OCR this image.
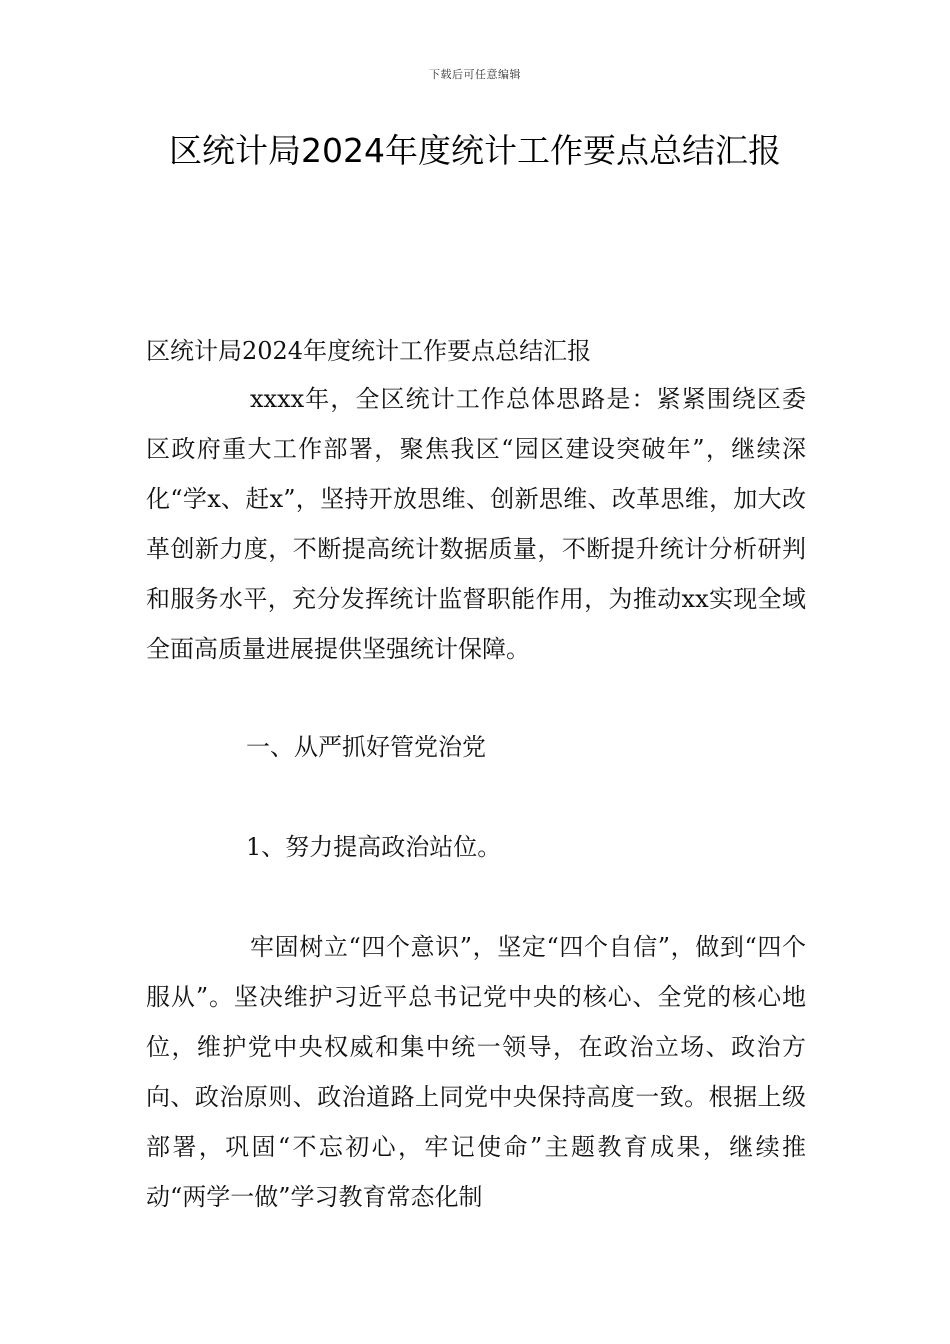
下载后可任意编辑
区统计局2024年度统计工作要点总结汇报

区统计局2024年度统计工作要点总结汇报

xxxx年，全区统计工作总体思路是：紧紧围绕区委区政府重大工作部署，聚焦我区“园区建设突破年”，继续深化“学x、赶x”，坚持开放思维、创新思维、改革思维，加大改革创新力度，不断提高统计数据质量，不断提升统计分析研判和服务水平，充分发挥统计监督职能作用，为推动xx实现全域全面高质量进展提供坚强统计保障。

一、从严抓好管党治党

1、努力提高政治站位。

牢固树立“四个意识”，坚定“四个自信”，做到“四个服从”。坚决维护习近平总书记党中央的核心、全党的核心地位，维护党中央权威和集中统一领导，在政治立场、政治方向、政治原则、政治道路上同党中央保持高度一致。根据上级部署，巩固“不忘初心，牢记使命”主题教育成果，继续推动“两学一做”学习教育常态化制
